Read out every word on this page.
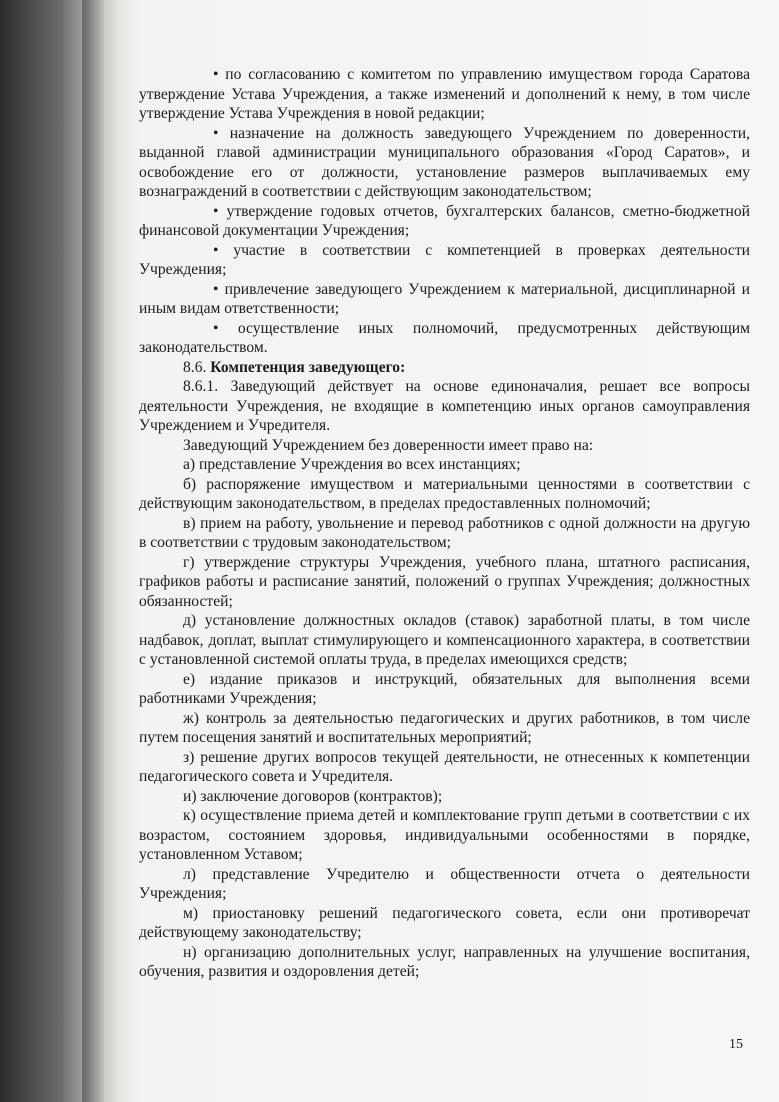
• по согласованию с комитетом по управлению имуществом города Саратова утверждение Устава Учреждения, а также изменений и дополнений к нему, в том числе утверждение Устава Учреждения в новой редакции;

• назначение на должность заведующего Учреждением по доверенности, выданной главой администрации муниципального образования «Город Саратов», и освобождение его от должности, установление размеров выплачиваемых ему вознаграждений в соответствии с действующим законодательством;

• утверждение годовых отчетов, бухгалтерских балансов, сметно-бюджетной финансовой документации Учреждения;

• участие в соответствии с компетенцией в проверках деятельности Учреждения;

• привлечение заведующего Учреждением к материальной, дисциплинарной и иным видам ответственности;

• осуществление иных полномочий, предусмотренных действующим законодательством.

8.6. Компетенция заведующего:

8.6.1. Заведующий действует на основе единоначалия, решает все вопросы деятельности Учреждения, не входящие в компетенцию иных органов самоуправления Учреждением и Учредителя.

Заведующий Учреждением без доверенности имеет право на:

а) представление Учреждения во всех инстанциях;

б) распоряжение имуществом и материальными ценностями в соответствии с действующим законодательством, в пределах предоставленных полномочий;

в) прием на работу, увольнение и перевод работников с одной должности на другую в соответствии с трудовым законодательством;

г) утверждение структуры Учреждения, учебного плана, штатного расписания, графиков работы и расписание занятий, положений о группах Учреждения; должностных обязанностей;

д) установление должностных окладов (ставок) заработной платы, в том числе надбавок, доплат, выплат стимулирующего и компенсационного характера, в соответствии с установленной системой оплаты труда, в пределах имеющихся средств;

е) издание приказов и инструкций, обязательных для выполнения всеми работниками Учреждения;

ж) контроль за деятельностью педагогических и других работников, в том числе путем посещения занятий и воспитательных мероприятий;

з) решение других вопросов текущей деятельности, не отнесенных к компетенции педагогического совета и Учредителя.

и) заключение договоров (контрактов);

к) осуществление приема детей и комплектование групп детьми в соответствии с их возрастом, состоянием здоровья, индивидуальными особенностями в порядке, установленном Уставом;

л) представление Учредителю и общественности отчета о деятельности Учреждения;

м) приостановку решений педагогического совета, если они противоречат действующему законодательству;

н) организацию дополнительных услуг, направленных на улучшение воспитания, обучения, развития и оздоровления детей;

15
